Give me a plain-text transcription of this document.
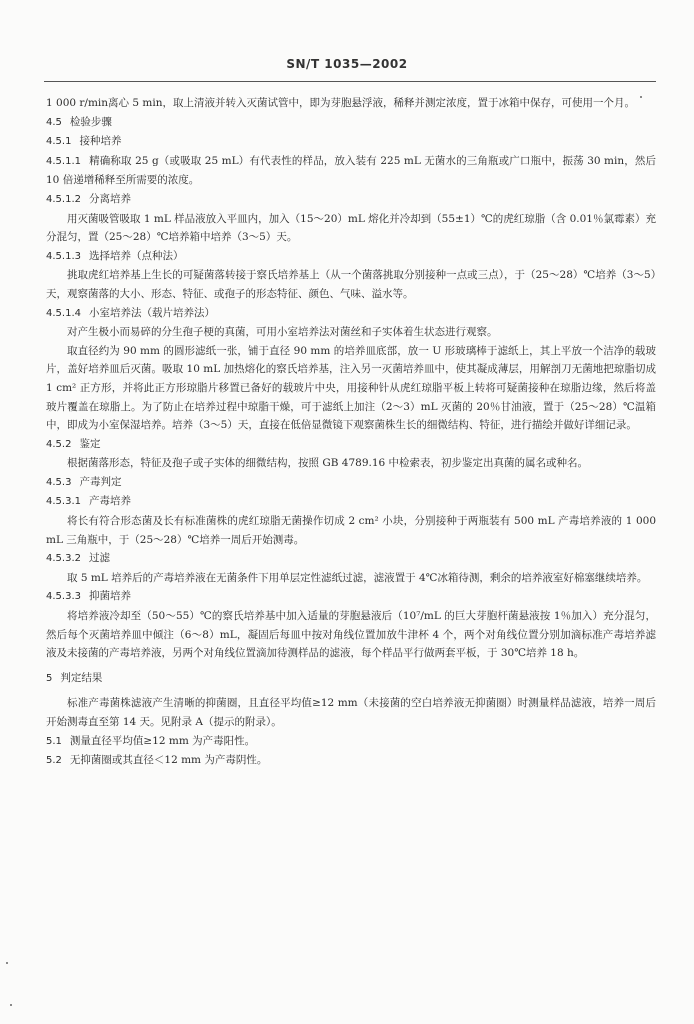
SN/T 1035—2002

1 000 r/min离心 5 min，取上清液并转入灭菌试管中，即为芽胞悬浮液，稀释并测定浓度，置于冰箱中保存，可使用一个月。

4.5 检验步骤

4.5.1 接种培养

4.5.1.1 精确称取 25 g（或吸取 25 mL）有代表性的样品，放入装有 225 mL 无菌水的三角瓶或广口瓶中，振荡 30 min，然后 10 倍递增稀释至所需要的浓度。

4.5.1.2 分离培养

用灭菌吸管吸取 1 mL 样品液放入平皿内，加入（15～20）mL 熔化并冷却到（55±1）℃的虎红琼脂（含 0.01％氯霉素）充分混匀，置（25～28）℃培养箱中培养（3～5）天。

4.5.1.3 选择培养（点种法）

挑取虎红培养基上生长的可疑菌落转接于察氏培养基上（从一个菌落挑取分别接种一点或三点），于（25～28）℃培养（3～5）天，观察菌落的大小、形态、特征、或孢子的形态特征、颜色、气味、溢水等。

4.5.1.4 小室培养法（载片培养法）

对产生极小而易碎的分生孢子梗的真菌，可用小室培养法对菌丝和子实体着生状态进行观察。

取直径约为 90 mm 的圆形滤纸一张，铺于直径 90 mm 的培养皿底部，放一 U 形玻璃棒于滤纸上，其上平放一个洁净的载玻片，盖好培养皿后灭菌。吸取 10 mL 加热熔化的察氏培养基，注入另一灭菌培养皿中，使其凝成薄层，用解剖刀无菌地把琼脂切成 1 cm² 正方形，并将此正方形琼脂片移置已备好的载玻片中央，用接种针从虎红琼脂平板上转将可疑菌接种在琼脂边缘，然后将盖玻片覆盖在琼脂上。为了防止在培养过程中琼脂干燥，可于滤纸上加注（2～3）mL 灭菌的 20％甘油液，置于（25～28）℃温箱中，即成为小室保湿培养。培养（3～5）天，直接在低倍显微镜下观察菌株生长的细微结构、特征，进行描绘并做好详细记录。

4.5.2 鉴定

根据菌落形态，特征及孢子或子实体的细微结构，按照 GB 4789.16 中检索表，初步鉴定出真菌的属名或种名。

4.5.3 产毒判定

4.5.3.1 产毒培养

将长有符合形态菌及长有标准菌株的虎红琼脂无菌操作切成 2 cm² 小块，分别接种于两瓶装有 500 mL 产毒培养液的 1 000 mL 三角瓶中，于（25～28）℃培养一周后开始测毒。

4.5.3.2 过滤

取 5 mL 培养后的产毒培养液在无菌条件下用单层定性滤纸过滤，滤液置于 4℃冰箱待测，剩余的培养液室好棉塞继续培养。

4.5.3.3 抑菌培养

将培养液冷却至（50～55）℃的察氏培养基中加入适量的芽胞悬液后（10⁷/mL 的巨大芽胞杆菌悬液按 1％加入）充分混匀，然后每个灭菌培养皿中倾注（6～8）mL，凝固后每皿中按对角线位置加放牛津杯 4 个，两个对角线位置分别加滴标准产毒培养滤液及未接菌的产毒培养液，另两个对角线位置滴加待测样品的滤液，每个样品平行做两套平板，于 30℃培养 18 h。

5 判定结果

标准产毒菌株滤液产生清晰的抑菌圈，且直径平均值≥12 mm（未接菌的空白培养液无抑菌圈）时测量样品滤液，培养一周后开始测毒直至第 14 天。见附录 A（提示的附录）。

5.1 测量直径平均值≥12 mm 为产毒阳性。

5.2 无抑菌圈或其直径＜12 mm 为产毒阴性。
